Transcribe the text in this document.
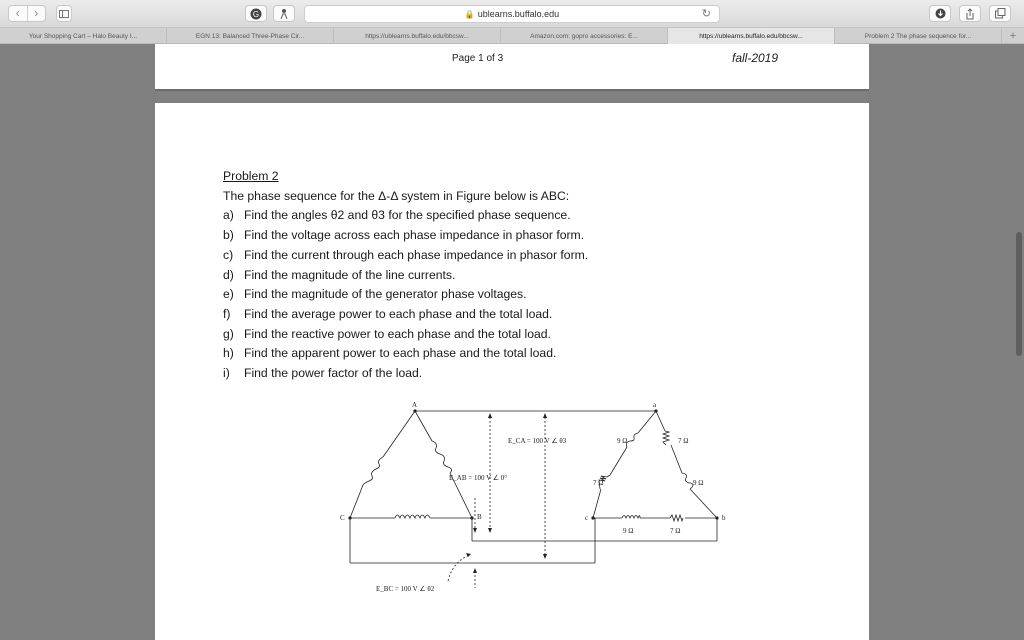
‹	›	G	🔒 ublearns.buffalo.edu	↻
Your Shopping Cart – Halo Beauty I...	EGN 13: Balanced Three-Phase Cir...	https://ublearns.buffalo.edu/bbcsw...	Amazon.com: gopro accessories: E...	https://ublearns.buffalo.edu/bbcsw...	Problem 2 The phase sequence for...	+
Page 1 of 3	fall-2019
Problem 2
The phase sequence for the Δ-Δ system in Figure below is ABC:
a) Find the angles θ2 and θ3 for the specified phase sequence.
b) Find the voltage across each phase impedance in phasor form.
c) Find the current through each phase impedance in phasor form.
d) Find the magnitude of the line currents.
e) Find the magnitude of the generator phase voltages.
f)	Find the average power to each phase and the total load.
g) Find the reactive power to each phase and the total load.
h) Find the apparent power to each phase and the total load.
i)	Find the power factor of the load.
A
C	B
a
c	b
E_CA = 100 V ∠ θ3
E_AB = 100 V ∠ 0°
E_BC = 100 V ∠ θ2
9 Ω	7 Ω
7 Ω	9 Ω
9 Ω	7 Ω
